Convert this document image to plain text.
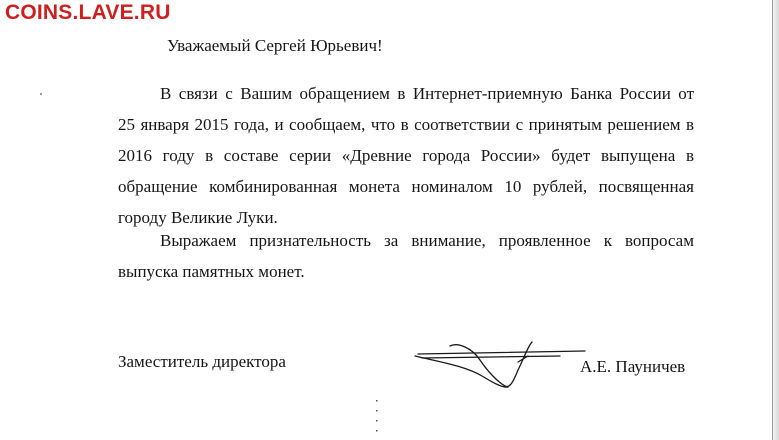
COINS.LAVE.RU
Уважаемый Сергей Юрьевич!
В связи с Вашим обращением в Интернет-приемную Банка России от
25 января 2015 года, и сообщаем, что в соответствии с принятым решением в
2016 году в составе серии «Древние города России» будет выпущена в
обращение комбинированная монета номиналом 10 рублей, посвященная
городу Великие Луки.
Выражаем признательность за внимание, проявленное к вопросам
выпуска памятных монет.
Заместитель директора	А.Е. Пауничев
